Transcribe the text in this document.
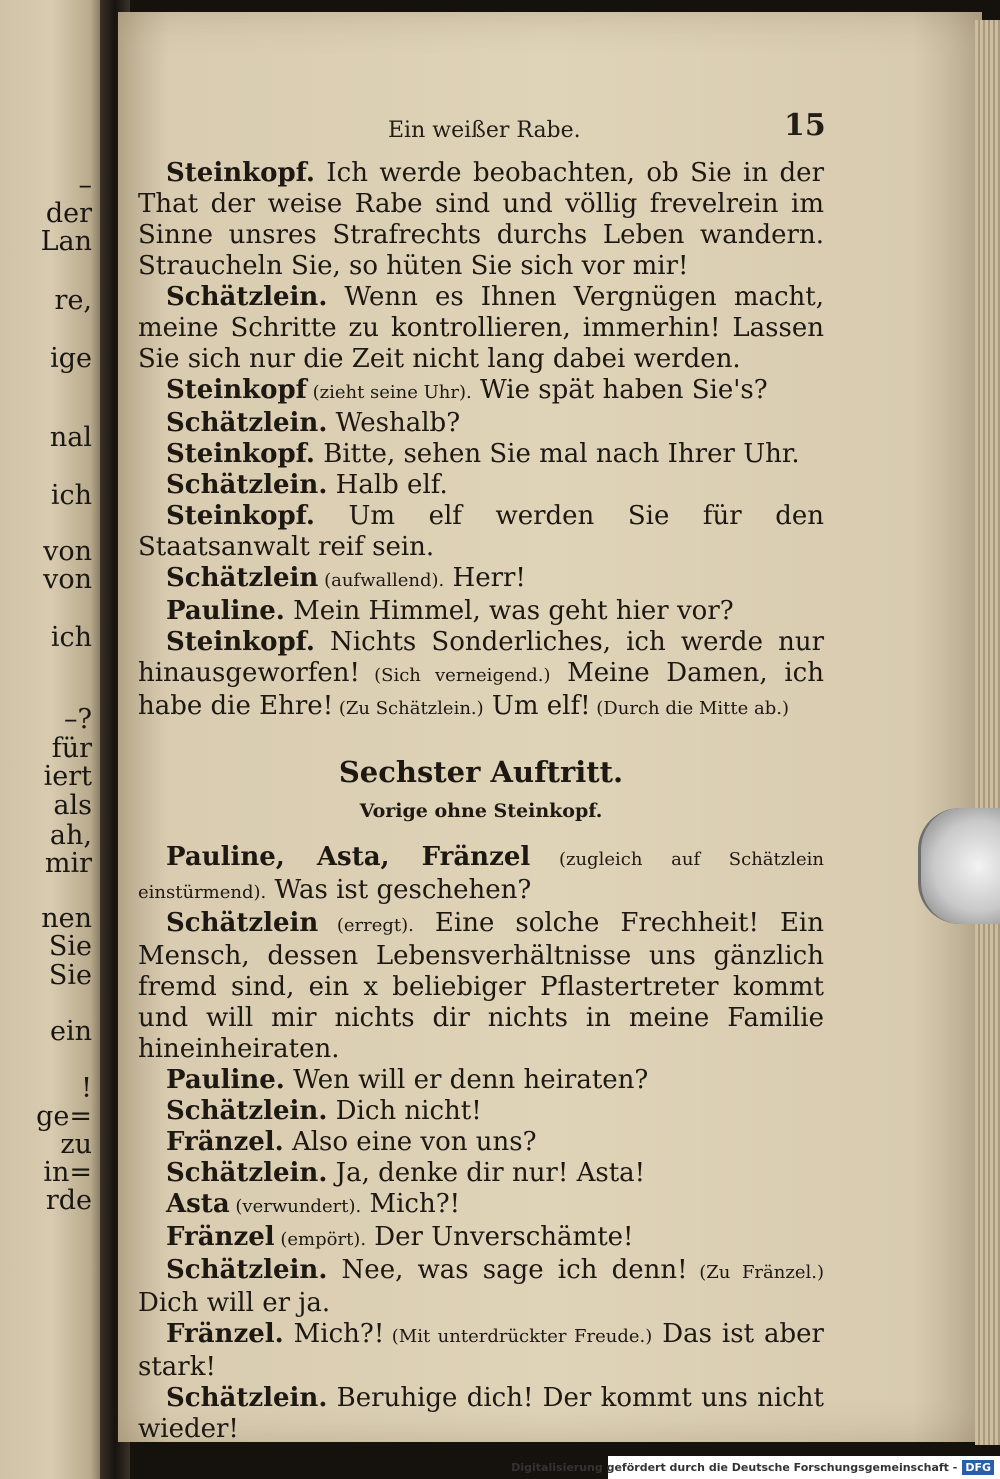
–
der
Lan
re,
ige
nal
ich
von
von
ich
–?
für
iert
als
ah,
mir
nen
Sie
Sie
ein
!
ge=
zu
in=
rde
Ein weißer Rabe.	15

Steinkopf. Ich werde beobachten, ob Sie in der That der weise Rabe sind und völlig frevelrein im Sinne unsres Strafrechts durchs Leben wandern. Straucheln Sie, so hüten Sie sich vor mir!

Schätzlein. Wenn es Ihnen Vergnügen macht, meine Schritte zu kontrollieren, immerhin! Lassen Sie sich nur die Zeit nicht lang dabei werden.

Steinkopf (zieht seine Uhr). Wie spät haben Sie's?

Schätzlein. Weshalb?

Steinkopf. Bitte, sehen Sie mal nach Ihrer Uhr.

Schätzlein. Halb elf.

Steinkopf. Um elf werden Sie für den Staatsanwalt reif sein.

Schätzlein (aufwallend). Herr!

Pauline. Mein Himmel, was geht hier vor?

Steinkopf. Nichts Sonderliches, ich werde nur hinausgeworfen! (Sich verneigend.) Meine Damen, ich habe die Ehre! (Zu Schätzlein.) Um elf! (Durch die Mitte ab.)

Sechster Auftritt.
Vorige ohne Steinkopf.

Pauline, Asta, Fränzel (zugleich auf Schätzlein einstürmend). Was ist geschehen?

Schätzlein (erregt). Eine solche Frechheit! Ein Mensch, dessen Lebensverhältnisse uns gänzlich fremd sind, ein x beliebiger Pflastertreter kommt und will mir nichts dir nichts in meine Familie hineinheiraten.

Pauline. Wen will er denn heiraten?

Schätzlein. Dich nicht!

Fränzel. Also eine von uns?

Schätzlein. Ja, denke dir nur! Asta!

Asta (verwundert). Mich?!

Fränzel (empört). Der Unverschämte!

Schätzlein. Nee, was sage ich denn! (Zu Fränzel.) Dich will er ja.

Fränzel. Mich?! (Mit unterdrückter Freude.) Das ist aber stark!

Schätzlein. Beruhige dich! Der kommt uns nicht wieder!

Digitalisierung gefördert durch die Deutsche Forschungsgemeinschaft - DFG
